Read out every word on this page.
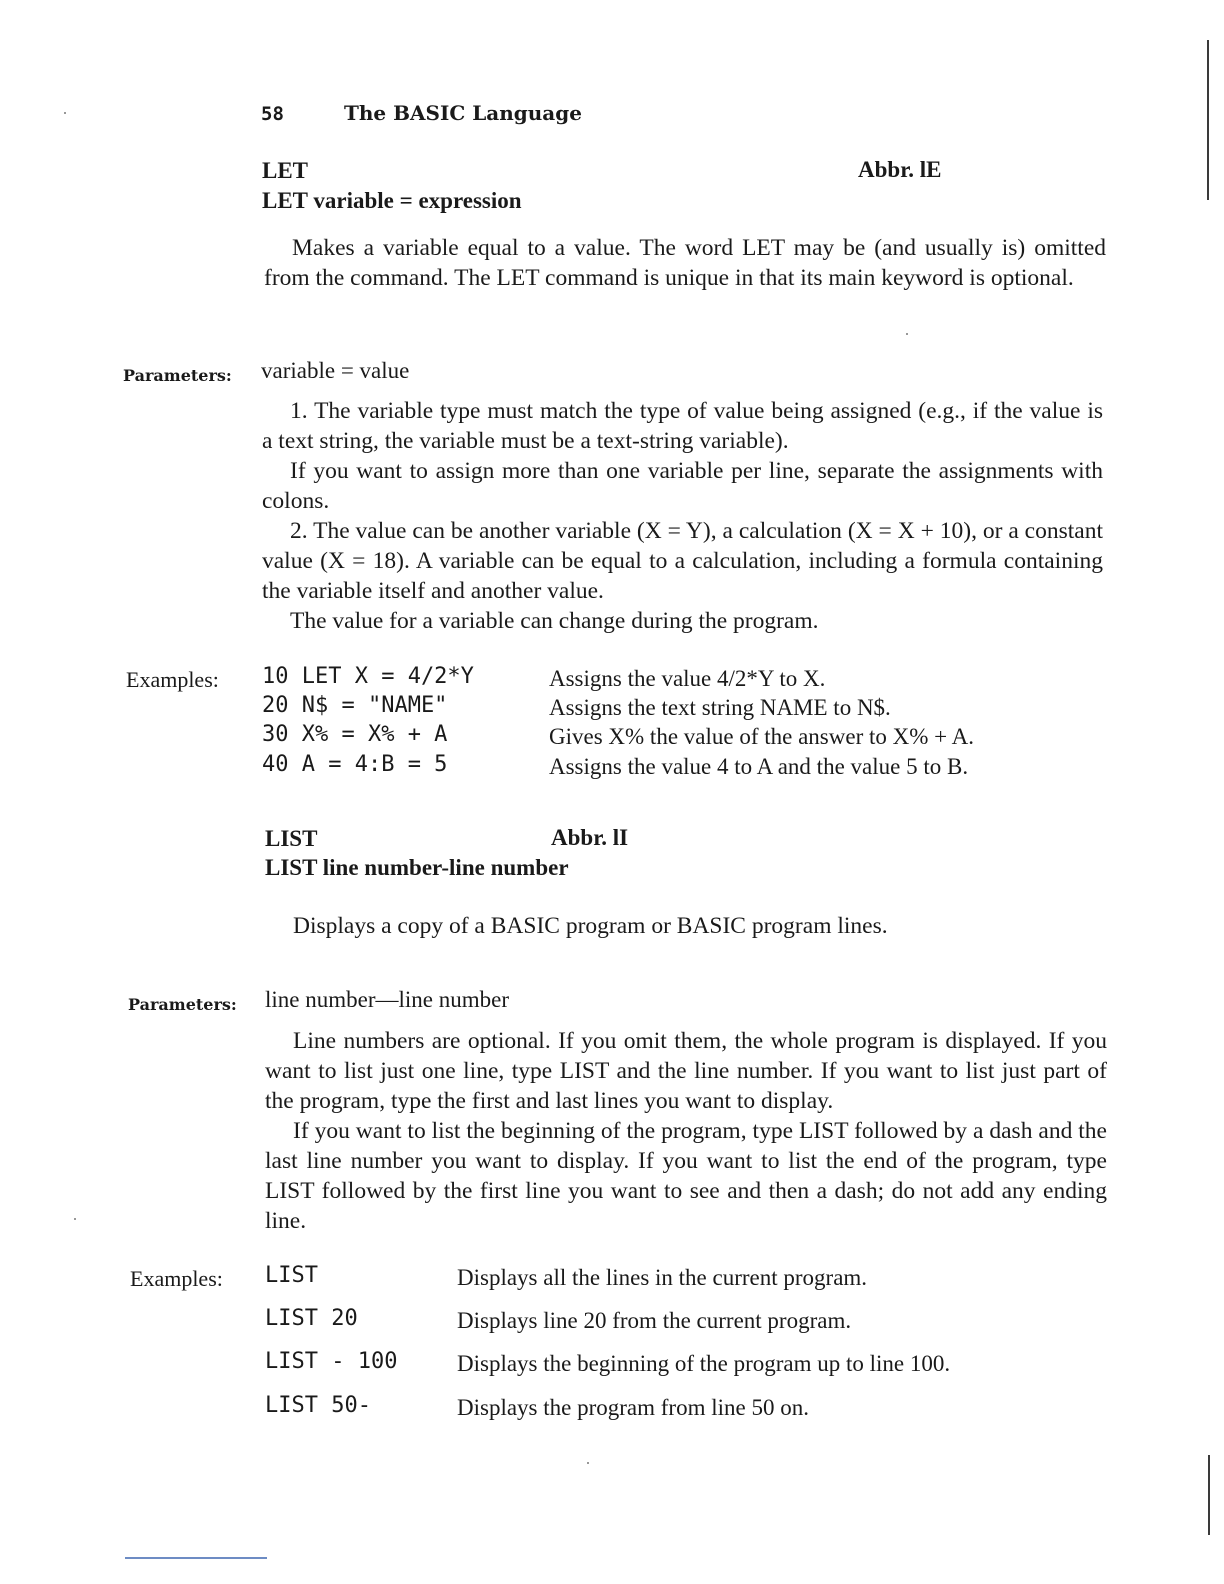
58	The BASIC Language
LET	Abbr. lE
LET variable = expression

Makes a variable equal to a value. The word LET may be (and usually is) omitted from the command. The LET command is unique in that its main keyword is optional.

Parameters: variable = value

1. The variable type must match the type of value being assigned (e.g., if the value is a text string, the variable must be a text-string variable).

If you want to assign more than one variable per line, separate the assignments with colons.

2. The value can be another variable (X = Y), a calculation (X = X + 10), or a constant value (X = 18). A variable can be equal to a calculation, including a formula containing the variable itself and another value.

The value for a variable can change during the program.

Examples: 10 LET X = 4/2*Y	Assigns the value 4/2*Y to X.
20 N$ = "NAME"	Assigns the text string NAME to N$.
30 X% = X% + A	Gives X% the value of the answer to X% + A.
40 A = 4:B = 5	Assigns the value 4 to A and the value 5 to B.
LIST	Abbr. lI
LIST line number-line number

Displays a copy of a BASIC program or BASIC program lines.

Parameters: line number—line number

Line numbers are optional. If you omit them, the whole program is displayed. If you want to list just one line, type LIST and the line number. If you want to list just part of the program, type the first and last lines you want to display.

If you want to list the beginning of the program, type LIST followed by a dash and the last line number you want to display. If you want to list the end of the program, type LIST followed by the first line you want to see and then a dash; do not add any ending line.

Examples: LIST	Displays all the lines in the current program.
LIST 20	Displays line 20 from the current program.
LIST - 100	Displays the beginning of the program up to line 100.
LIST 50-	Displays the program from line 50 on.
